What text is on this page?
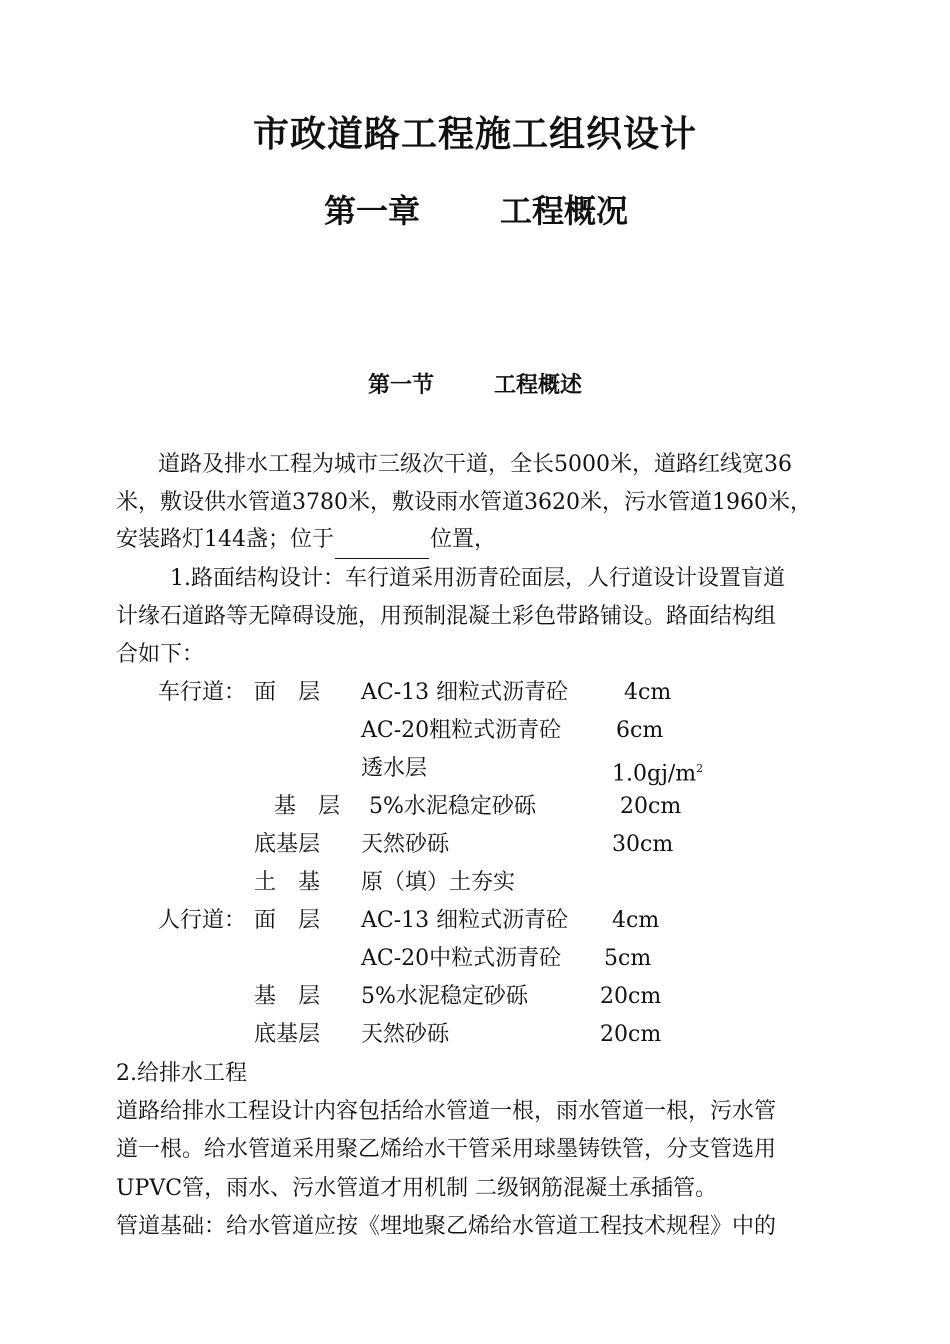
市政道路工程施工组织设计
第一章 工程概况
第一节	工程概述
道路及排水工程为城市三级次干道，全长5000米，道路红线宽36
米，敷设供水管道3780米，敷设雨水管道3620米，污水管道1960米，
安装路灯144盏；位于	位置，
1.路面结构设计：车行道采用沥青砼面层，人行道设计设置盲道
计缘石道路等无障碍设施，用预制混凝土彩色带路铺设。路面结构组
合如下：
车行道： 面　层 AC-13 细粒式沥青砼	4cm
AC-20粗粒式沥青砼 6cm
透水层	$1.0gj/m^2$
基　层 5%水泥稳定砂砾	20cm
底基层 天然砂砾	30cm
土　基 原（填）土夯实
人行道： 面　层 AC-13 细粒式沥青砼 4cm
AC-20中粒式沥青砼 5cm
基　层 5%水泥稳定砂砾	20cm
底基层 天然砂砾	20cm
2.给排水工程
道路给排水工程设计内容包括给水管道一根，雨水管道一根，污水管
道一根。给水管道采用聚乙烯给水干管采用球墨铸铁管，分支管选用
UPVC管，雨水、污水管道才用机制 二级钢筋混凝土承插管。
管道基础：给水管道应按《埋地聚乙烯给水管道工程技术规程》中的
